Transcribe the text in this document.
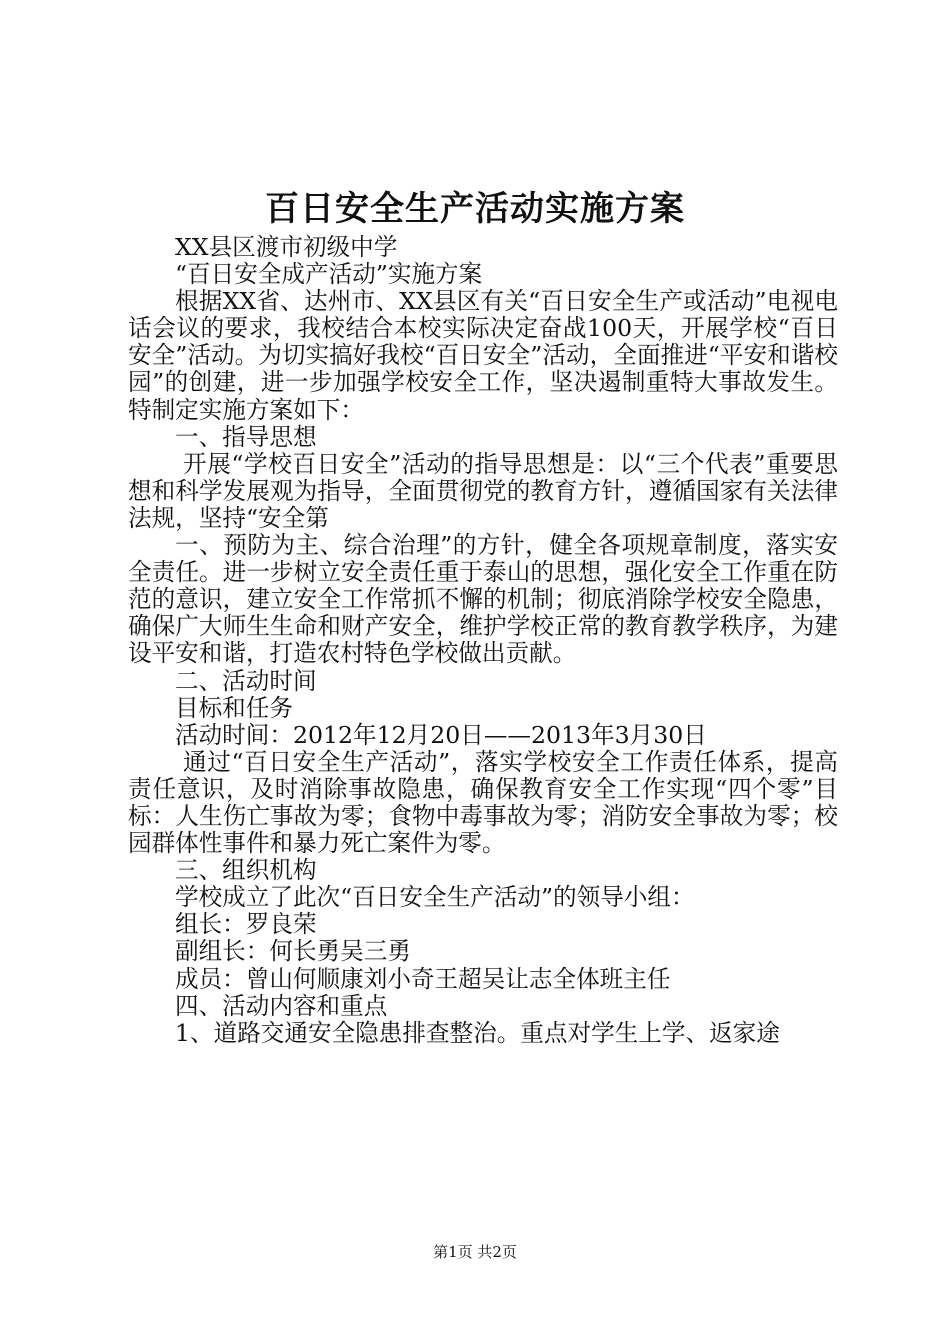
百日安全生产活动实施方案

XX县区渡市初级中学

“百日安全成产活动”实施方案

根据XX省、达州市、XX县区有关“百日安全生产或活动”电视电话会议的要求，我校结合本校实际决定奋战100天，开展学校“百日安全”活动。为切实搞好我校“百日安全”活动，全面推进“平安和谐校园”的创建，进一步加强学校安全工作，坚决遏制重特大事故发生。特制定实施方案如下：

一、指导思想

开展“学校百日安全”活动的指导思想是：以“三个代表”重要思想和科学发展观为指导，全面贯彻党的教育方针，遵循国家有关法律法规，坚持“安全第

一、预防为主、综合治理”的方针，健全各项规章制度，落实安全责任。进一步树立安全责任重于泰山的思想，强化安全工作重在防范的意识，建立安全工作常抓不懈的机制；彻底消除学校安全隐患，确保广大师生生命和财产安全，维护学校正常的教育教学秩序，为建设平安和谐，打造农村特色学校做出贡献。

二、活动时间

目标和任务

活动时间：2012年12月20日——2013年3月30日

通过“百日安全生产活动”，落实学校安全工作责任体系，提高责任意识，及时消除事故隐患，确保教育安全工作实现“四个零”目标：人生伤亡事故为零；食物中毒事故为零；消防安全事故为零；校园群体性事件和暴力死亡案件为零。

三、组织机构

学校成立了此次“百日安全生产活动”的领导小组：

组长：罗良荣

副组长：何长勇吴三勇

成员：曾山何顺康刘小奇王超吴让志全体班主任

四、活动内容和重点

1、道路交通安全隐患排查整治。重点对学生上学、返家途

第1页 共2页
